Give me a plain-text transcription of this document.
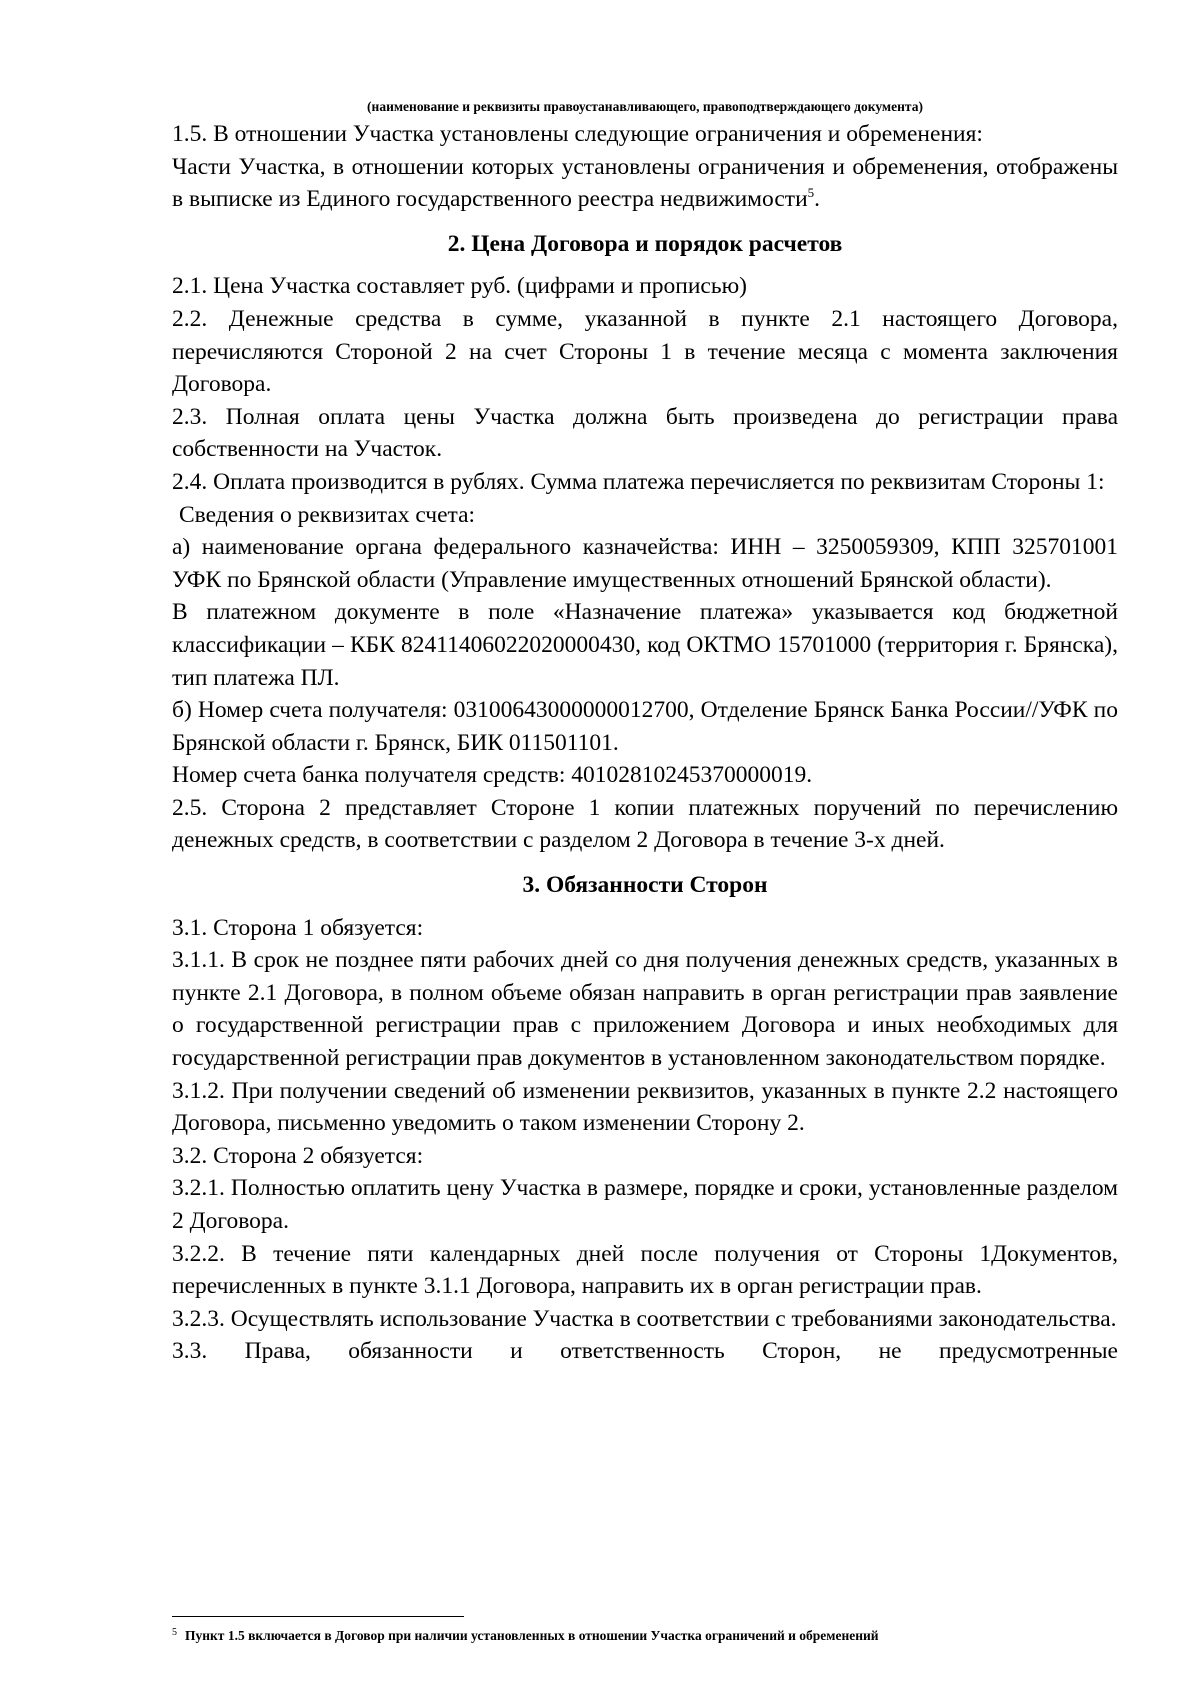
(наименование и реквизиты правоустанавливающего, правоподтверждающего документа)

1.5. В отношении Участка установлены следующие ограничения и обременения:

Части Участка, в отношении которых установлены ограничения и обременения, отображены в выписке из Единого государственного реестра недвижимости$^5$.

2. Цена Договора и порядок расчетов

2.1. Цена Участка составляет руб. (цифрами и прописью)

2.2. Денежные средства в сумме, указанной в пункте 2.1 настоящего Договора, перечисляются Стороной 2 на счет Стороны 1 в течение месяца с момента заключения Договора.

2.3. Полная оплата цены Участка должна быть произведена до регистрации права собственности на Участок.

2.4. Оплата производится в рублях. Сумма платежа перечисляется по реквизитам Стороны 1:

Сведения о реквизитах счета:

а) наименование органа федерального казначейства: ИНН – 3250059309, КПП 325701001 УФК по Брянской области (Управление имущественных отношений Брянской области).

В платежном документе в поле «Назначение платежа» указывается код бюджетной классификации – КБК 82411406022020000430, код ОКТМО 15701000 (территория г. Брянска), тип платежа ПЛ.

б) Номер счета получателя: 03100643000000012700, Отделение Брянск Банка России//УФК по Брянской области г. Брянск, БИК 011501101.

Номер счета банка получателя средств: 40102810245370000019.

2.5. Сторона 2 представляет Стороне 1 копии платежных поручений по перечислению денежных средств, в соответствии с разделом 2 Договора в течение 3-х дней.

3. Обязанности Сторон

3.1. Сторона 1 обязуется:

3.1.1. В срок не позднее пяти рабочих дней со дня получения денежных средств, указанных в пункте 2.1 Договора, в полном объеме обязан направить в орган регистрации прав заявление о государственной регистрации прав с приложением Договора и иных необходимых для государственной регистрации прав документов в установленном законодательством порядке.

3.1.2. При получении сведений об изменении реквизитов, указанных в пункте 2.2 настоящего Договора, письменно уведомить о таком изменении Сторону 2.

3.2. Сторона 2 обязуется:

3.2.1. Полностью оплатить цену Участка в размере, порядке и сроки, установленные разделом 2 Договора.

3.2.2. В течение пяти календарных дней после получения от Стороны 1Документов, перечисленных в пункте 3.1.1 Договора, направить их в орган регистрации прав.

3.2.3. Осуществлять использование Участка в соответствии с требованиями законодательства.

3.3. Права, обязанности и ответственность Сторон, не предусмотренные

$^5$ Пункт 1.5 включается в Договор при наличии установленных в отношении Участка ограничений и обременений
